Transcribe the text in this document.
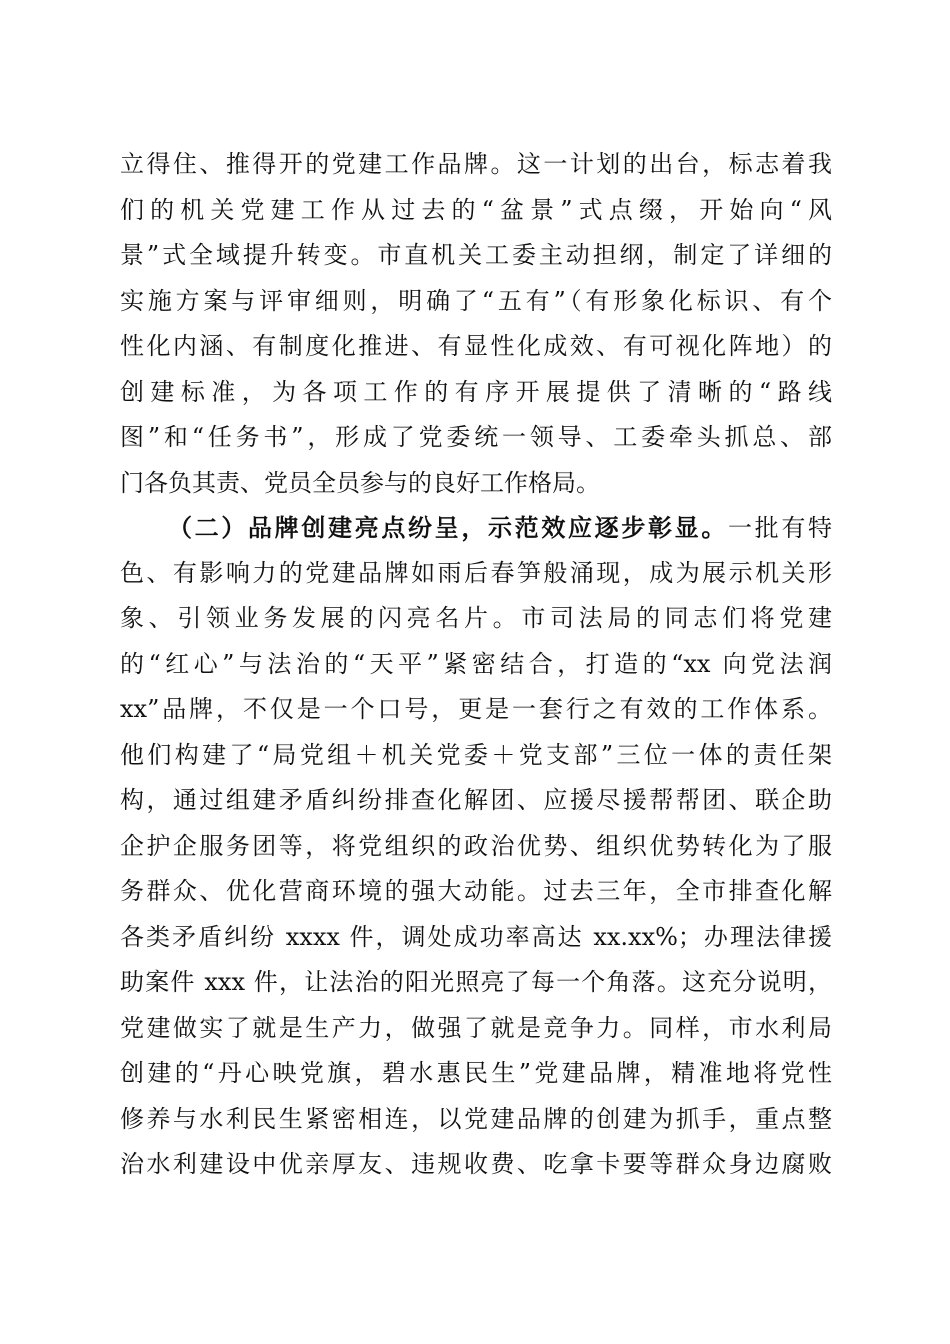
立得住、推得开的党建工作品牌。这一计划的出台，标志着我
们的机关党建工作从过去的“盆景”式点缀，开始向“风
景”式全域提升转变。市直机关工委主动担纲，制定了详细的
实施方案与评审细则，明确了“五有”（有形象化标识、有个
性化内涵、有制度化推进、有显性化成效、有可视化阵地）的
创建标准，为各项工作的有序开展提供了清晰的“路线
图”和“任务书”，形成了党委统一领导、工委牵头抓总、部
门各负其责、党员全员参与的良好工作格局。
（二）品牌创建亮点纷呈，示范效应逐步彰显。一批有特
色、有影响力的党建品牌如雨后春笋般涌现，成为展示机关形
象、引领业务发展的闪亮名片。市司法局的同志们将党建
的“红心”与法治的“天平”紧密结合，打造的“xx 向党法润
xx”品牌，不仅是一个口号，更是一套行之有效的工作体系。
他们构建了“局党组＋机关党委＋党支部”三位一体的责任架
构，通过组建矛盾纠纷排查化解团、应援尽援帮帮团、联企助
企护企服务团等，将党组织的政治优势、组织优势转化为了服
务群众、优化营商环境的强大动能。过去三年，全市排查化解
各类矛盾纠纷 xxxx 件，调处成功率高达 xx.xx%；办理法律援
助案件 xxx 件，让法治的阳光照亮了每一个角落。这充分说明，
党建做实了就是生产力，做强了就是竞争力。同样，市水利局
创建的“丹心映党旗，碧水惠民生”党建品牌，精准地将党性
修养与水利民生紧密相连，以党建品牌的创建为抓手，重点整
治水利建设中优亲厚友、违规收费、吃拿卡要等群众身边腐败
